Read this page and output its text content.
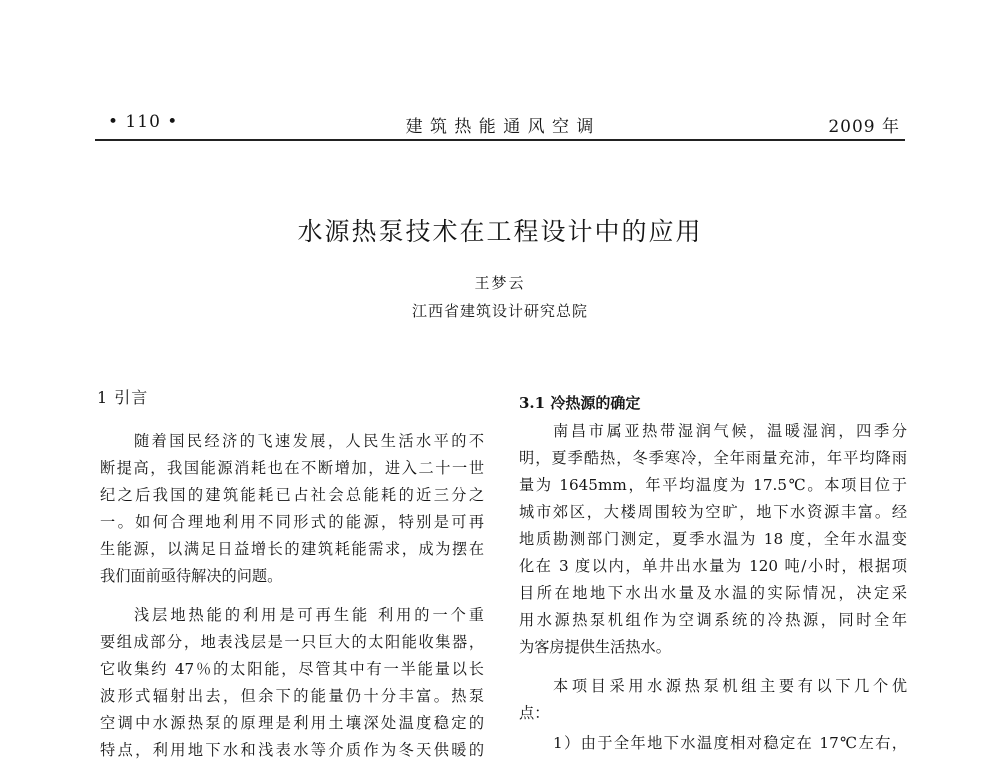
• 110 •	建 筑 热 能 通 风 空 调	2009 年
水源热泵技术在工程设计中的应用
王梦云
江西省建筑设计研究总院
1 引言
随着国民经济的飞速发展，人民生活水平的不
断提高，我国能源消耗也在不断增加，进入二十一世
纪之后我国的建筑能耗已占社会总能耗的近三分之
一。如何合理地利用不同形式的能源，特别是可再
生能源，以满足日益增长的建筑耗能需求，成为摆在
我们面前亟待解决的问题。
浅层地热能的利用是可再生能 利用的一个重
要组成部分，地表浅层是一只巨大的太阳能收集器，
它收集约 47％的太阳能，尽管其中有一半能量以长
波形式辐射出去，但余下的能量仍十分丰富。热泵
空调中水源热泵的原理是利用土壤深处温度稳定的
特点，利用地下水和浅表水等介质作为冬天供暖的
3.1 冷热源的确定
南昌市属亚热带湿润气候，温暖湿润，四季分
明，夏季酷热，冬季寒冷，全年雨量充沛，年平均降雨
量为 1645mm，年平均温度为 17.5℃。本项目位于
城市郊区，大楼周围较为空旷，地下水资源丰富。经
地质勘测部门测定，夏季水温为 18 度，全年水温变
化在 3 度以内，单井出水量为 120 吨/小时，根据项
目所在地地下水出水量及水温的实际情况，决定采
用水源热泵机组作为空调系统的冷热源，同时全年
为客房提供生活热水。
本项目采用水源热泵机组主要有以下几个优
点：
1）由于全年地下水温度相对稳定在 17℃左右，
